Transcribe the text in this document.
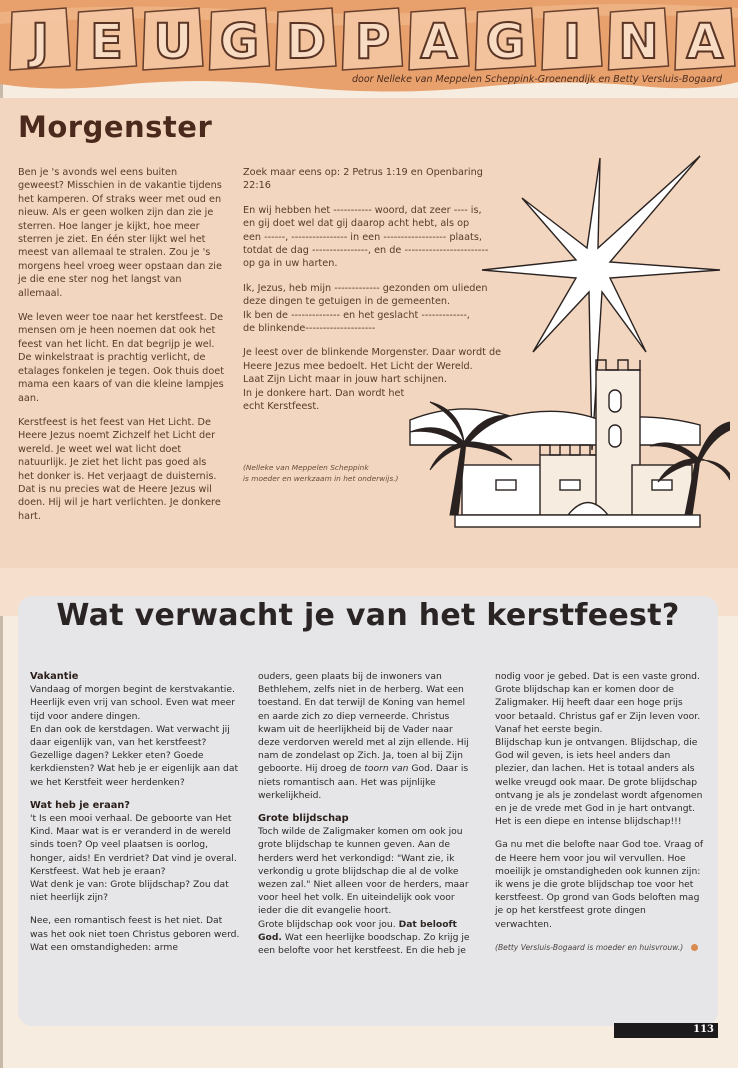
J E U G D P A G I N A
door Nelleke van Meppelen Scheppink-Groenendijk en Betty Versluis-Bogaard
Morgenster

Ben je 's avonds wel eens buiten geweest? Misschien in de vakantie tijdens het kamperen. Of straks weer met oud en nieuw. Als er geen wolken zijn dan zie je sterren. Hoe langer je kijkt, hoe meer sterren je ziet. En één ster lijkt wel het meest van allemaal te stralen. Zou je 's morgens heel vroeg weer opstaan dan zie je die ene ster nog het langst van allemaal.

We leven weer toe naar het kerstfeest. De mensen om je heen noemen dat ook het feest van het licht. En dat begrijp je wel. De winkelstraat is prachtig verlicht, de etalages fonkelen je tegen. Ook thuis doet mama een kaars of van die kleine lampjes aan.

Kerstfeest is het feest van Het Licht. De Heere Jezus noemt Zichzelf het Licht der wereld. Je weet wel wat licht doet natuurlijk. Je ziet het licht pas goed als het donker is. Het verjaagt de duisternis. Dat is nu precies wat de Heere Jezus wil doen. Hij wil je hart verlichten. Je donkere hart.

Zoek maar eens op: 2 Petrus 1:19 en Openbaring 22:16

En wij hebben het ----------- woord, dat zeer ---- is,
en gij doet wel dat gij daarop acht hebt, als op
een ------, ---------------- in een ------------------ plaats,
totdat de dag ----------------, en de ------------------------
op ga in uw harten.

Ik, Jezus, heb mijn ------------- gezonden om ulieden
deze dingen te getuigen in de gemeenten.
Ik ben de -------------- en het geslacht -------------,
de blinkende--------------------

Je leest over de blinkende Morgenster. Daar wordt de
Heere Jezus mee bedoelt. Het Licht der Wereld.
Laat Zijn Licht maar in jouw hart schijnen.
In je donkere hart. Dan wordt het
echt Kerstfeest.

(Nelleke van Meppelen Scheppink
is moeder en werkzaam in het onderwijs.)

Wat verwacht je van het kerstfeest?
Vakantie
Vandaag of morgen begint de kerstvakantie. Heerlijk even vrij van school. Even wat meer tijd voor andere dingen.

En dan ook de kerstdagen. Wat verwacht jij daar eigenlijk van, van het kerstfeest? Gezellige dagen? Lekker eten? Goede kerkdiensten? Wat heb je er eigenlijk aan dat we het Kerstfeit weer herdenken?

Wat heb je eraan?
't Is een mooi verhaal. De geboorte van Het Kind. Maar wat is er veranderd in de wereld sinds toen? Op veel plaatsen is oorlog, honger, aids! En verdriet? Dat vind je overal. Kerstfeest. Wat heb je eraan?

Wat denk je van: Grote blijdschap? Zou dat niet heerlijk zijn?

Nee, een romantisch feest is het niet. Dat was het ook niet toen Christus geboren werd. Wat een omstandigheden: arme

ouders, geen plaats bij de inwoners van Bethlehem, zelfs niet in de herberg. Wat een toestand. En dat terwijl de Koning van hemel en aarde zich zo diep verneerde. Christus kwam uit de heerlijkheid bij de Vader naar deze verdorven wereld met al zijn ellende. Hij nam de zondelast op Zich. Ja, toen al bij Zijn geboorte. Hij droeg de toorn van God. Daar is niets romantisch aan. Het was pijnlijke werkelijkheid.

Grote blijdschap
Toch wilde de Zaligmaker komen om ook jou grote blijdschap te kunnen geven. Aan de herders werd het verkondigd: "Want zie, ik verkondig u grote blijdschap die al de volke wezen zal." Niet alleen voor de herders, maar voor heel het volk. En uiteindelijk ook voor ieder die dit evangelie hoort.

Grote blijdschap ook voor jou. Dat belooft God. Wat een heerlijke boodschap. Zo krijg je een belofte voor het kerstfeest. En die heb je

nodig voor je gebed. Dat is een vaste grond. Grote blijdschap kan er komen door de Zaligmaker. Hij heeft daar een hoge prijs voor betaald. Christus gaf er Zijn leven voor. Vanaf het eerste begin.

Blijdschap kun je ontvangen. Blijdschap, die God wil geven, is iets heel anders dan plezier, dan lachen. Het is totaal anders als welke vreugd ook maar. De grote blijdschap ontvang je als je zondelast wordt afgenomen en je de vrede met God in je hart ontvangt. Het is een diepe en intense blijdschap!!!

Ga nu met die belofte naar God toe. Vraag of de Heere hem voor jou wil vervullen. Hoe moeilijk je omstandigheden ook kunnen zijn: ik wens je die grote blijdschap toe voor het kerstfeest. Op grond van Gods beloften mag je op het kerstfeest grote dingen verwachten.

(Betty Versluis-Bogaard is moeder en huisvrouw.)

113
